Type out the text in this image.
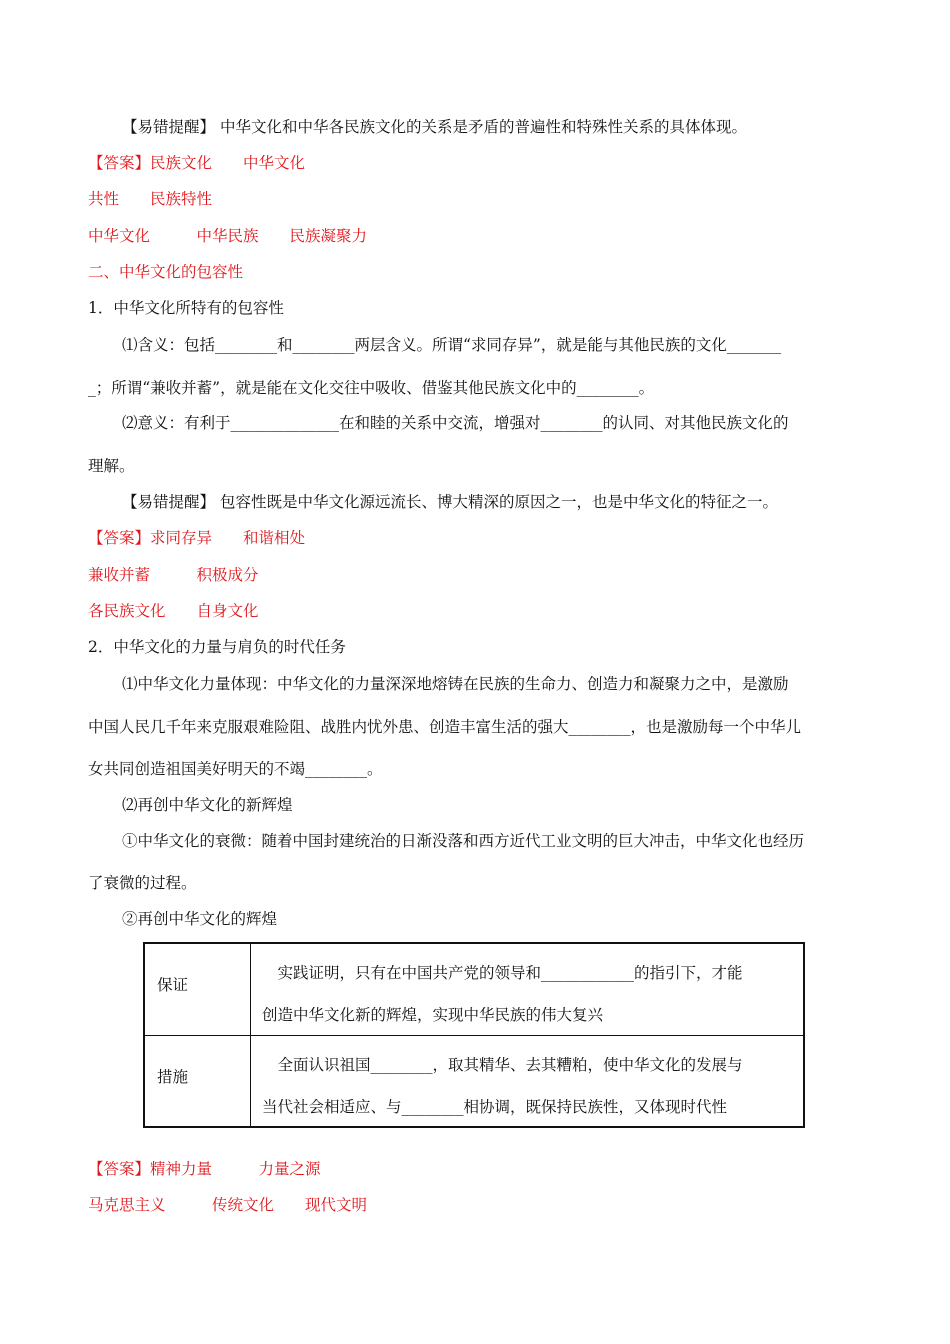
【易错提醒】 中华文化和中华各民族文化的关系是矛盾的普遍性和特殊性关系的具体体现。
【答案】民族文化　　中华文化
共性　　民族特性
中华文化　　　中华民族　　民族凝聚力
二、中华文化的包容性
1．中华文化所特有的包容性
⑴含义：包括________和________两层含义。所谓“求同存异”，就是能与其他民族的文化_______
_；所谓“兼收并蓄”，就是能在文化交往中吸收、借鉴其他民族文化中的________。
⑵意义：有利于______________在和睦的关系中交流，增强对________的认同、对其他民族文化的
理解。
【易错提醒】 包容性既是中华文化源远流长、博大精深的原因之一，也是中华文化的特征之一。
【答案】求同存异　　和谐相处
兼收并蓄　　　积极成分
各民族文化　　自身文化
2．中华文化的力量与肩负的时代任务
⑴中华文化力量体现：中华文化的力量深深地熔铸在民族的生命力、创造力和凝聚力之中，是激励
中国人民几千年来克服艰难险阻、战胜内忧外患、创造丰富生活的强大________，也是激励每一个中华儿
女共同创造祖国美好明天的不竭________。
⑵再创中华文化的新辉煌
①中华文化的衰微：随着中国封建统治的日渐没落和西方近代工业文明的巨大冲击，中华文化也经历
了衰微的过程。
②再创中华文化的辉煌
保证
　实践证明，只有在中国共产党的领导和____________的指引下，才能
创造中华文化新的辉煌，实现中华民族的伟大复兴
措施
　全面认识祖国________，取其精华、去其糟粕，使中华文化的发展与
当代社会相适应、与________相协调，既保持民族性，又体现时代性
【答案】精神力量　　　力量之源
马克思主义　　　传统文化　　现代文明
